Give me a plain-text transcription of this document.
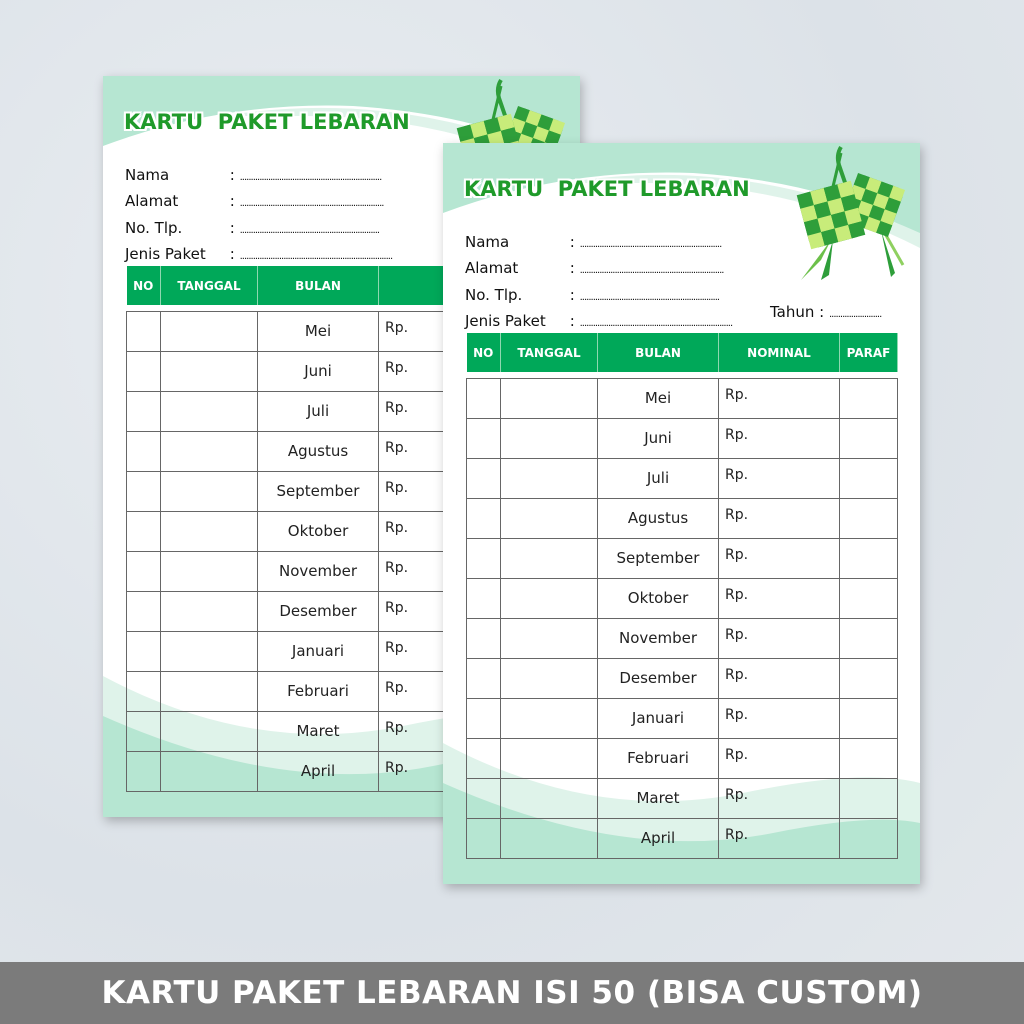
KARTU  PAKET LEBARAN
Nama	: .................................................................
Alamat	: ..................................................................
No. Tlp.	: ................................................................
Jenis Paket : ......................................................................
NO	TANGGAL	BULAN		

		Mei	Rp.	
		Juni	Rp.	
		Juli	Rp.	
		Agustus	Rp.	
		September	Rp.	
		Oktober	Rp.	
		November	Rp.	
		Desember	Rp.	
		Januari	Rp.	
		Februari	Rp.	
		Maret	Rp.	
		April	Rp.	
KARTU  PAKET LEBARAN
Nama	: .................................................................
Alamat	: ..................................................................
No. Tlp.	: ................................................................
Jenis Paket : ......................................................................
Tahun : ........................
NO	TANGGAL	BULAN	NOMINAL	PARAF

		Mei	Rp.	
		Juni	Rp.	
		Juli	Rp.	
		Agustus	Rp.	
		September	Rp.	
		Oktober	Rp.	
		November	Rp.	
		Desember	Rp.	
		Januari	Rp.	
		Februari	Rp.	
		Maret	Rp.	
		April	Rp.	
KARTU PAKET LEBARAN ISI 50 (BISA CUSTOM)
